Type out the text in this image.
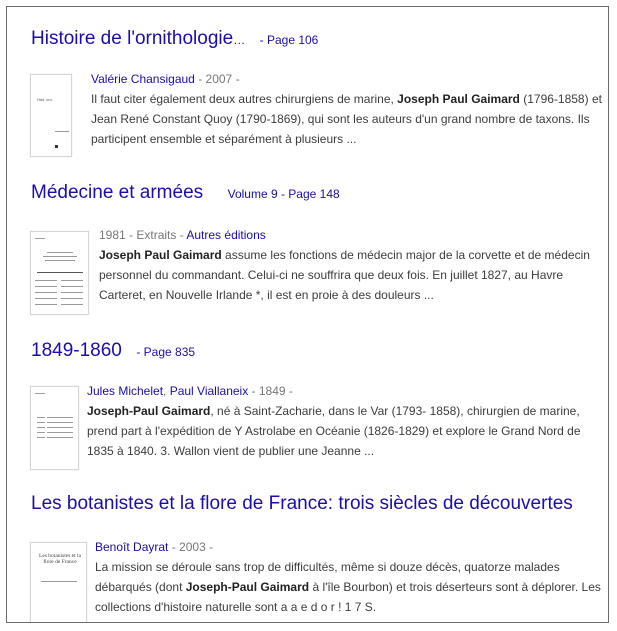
Histoire de l'ornithologie… - Page 106
Hist. orn.
Valérie Chansigaud - 2007 -
Il faut citer également deux autres chirurgiens de marine, Joseph Paul Gaimard (1796-1858) et
Jean René Constant Quoy (1790-1869), qui sont les auteurs d'un grand nombre de taxons. Ils
participent ensemble et séparément à plusieurs ...
Médecine et armées Volume 9 - Page 148
1981 - Extraits - Autres éditions
Joseph Paul Gaimard assume les fonctions de médecin major de la corvette et de médecin
personnel du commandant. Celui-ci ne souffrira que deux fois. En juillet 1827, au Havre
Carteret, en Nouvelle Irlande *, il est en proie à des douleurs ...
1849-1860 - Page 835
Jules Michelet, Paul Viallaneix - 1849 -
Joseph-Paul Gaimard, né à Saint-Zacharie, dans le Var (1793- 1858), chirurgien de marine,
prend part à l'expédition de Y Astrolabe en Océanie (1826-1829) et explore le Grand Nord de
1835 à 1840. 3. Wallon vient de publier une Jeanne ...
Les botanistes et la flore de France: trois siècles de découvertes
Les botanistes et la flore de France
Benoît Dayrat - 2003 -
La mission se déroule sans trop de difficultés, même si douze décès, quatorze malades
débarqués (dont Joseph-Paul Gaimard à l'île Bourbon) et trois déserteurs sont à déplorer. Les
collections d'histoire naturelle sont a a e d o r ! 1 7 S.
